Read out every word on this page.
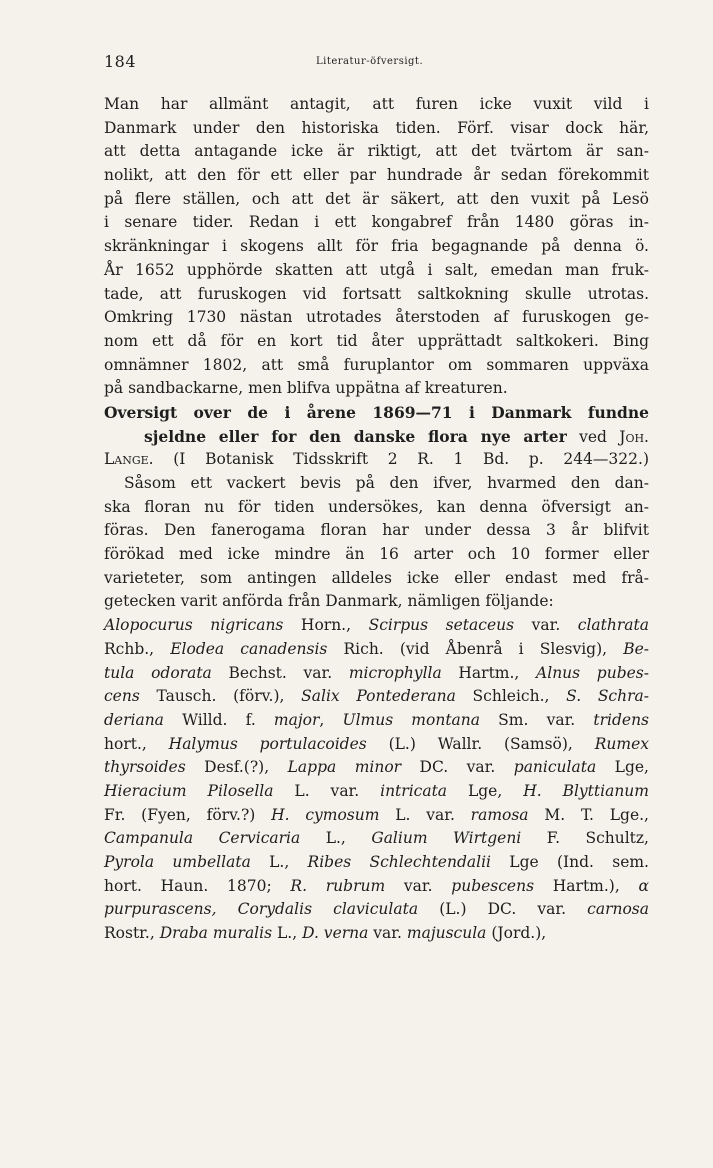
184	Literatur-öfversigt.
Man har allmänt antagit, att furen icke vuxit vild i
Danmark under den historiska tiden. Förf. visar dock här,
att detta antagande icke är riktigt, att det tvärtom är san-
nolikt, att den för ett eller par hundrade år sedan förekommit
på flere ställen, och att det är säkert, att den vuxit på Lesö
i senare tider. Redan i ett kongabref från 1480 göras in-
skränkningar i skogens allt för fria begagnande på denna ö.
År 1652 upphörde skatten att utgå i salt, emedan man fruk-
tade, att furuskogen vid fortsatt saltkokning skulle utrotas.
Omkring 1730 nästan utrotades återstoden af furuskogen ge-
nom ett då för en kort tid åter upprättadt saltkokeri. Bing
omnämner 1802, att små furuplantor om sommaren uppväxa
på sandbackarne, men blifva uppätna af kreaturen.
Oversigt over de i årene 1869—71 i Danmark fundne
sjeldne eller for den danske flora nye arter ved Joh.
Lange. (I Botanisk Tidsskrift 2 R. 1 Bd. p. 244—322.)
Såsom ett vackert bevis på den ifver, hvarmed den dan-
ska floran nu för tiden undersökes, kan denna öfversigt an-
föras. Den fanerogama floran har under dessa 3 år blifvit
förökad med icke mindre än 16 arter och 10 former eller
varieteter, som antingen alldeles icke eller endast med frå-
getecken varit anförda från Danmark, nämligen följande:
Alopocurus nigricans Horn., Scirpus setaceus var. clathrata
Rchb., Elodea canadensis Rich. (vid Åbenrå i Slesvig), Be-
tula odorata Bechst. var. microphylla Hartm., Alnus pubes-
cens Tausch. (förv.), Salix Pontederana Schleich., S. Schra-
deriana Willd. f. major, Ulmus montana Sm. var. tridens
hort., Halymus portulacoides (L.) Wallr. (Samsö), Rumex
thyrsoides Desf.(?), Lappa minor DC. var. paniculata Lge,
Hieracium Pilosella L. var. intricata Lge, H. Blyttianum
Fr. (Fyen, förv.?) H. cymosum L. var. ramosa M. T. Lge.,
Campanula Cervicaria L., Galium Wirtgeni F. Schultz,
Pyrola umbellata L., Ribes Schlechtendalii Lge (Ind. sem.
hort. Haun. 1870; R. rubrum var. pubescens Hartm.), α
purpurascens, Corydalis claviculata (L.) DC. var. carnosa
Rostr., Draba muralis L., D. verna var. majuscula (Jord.),
